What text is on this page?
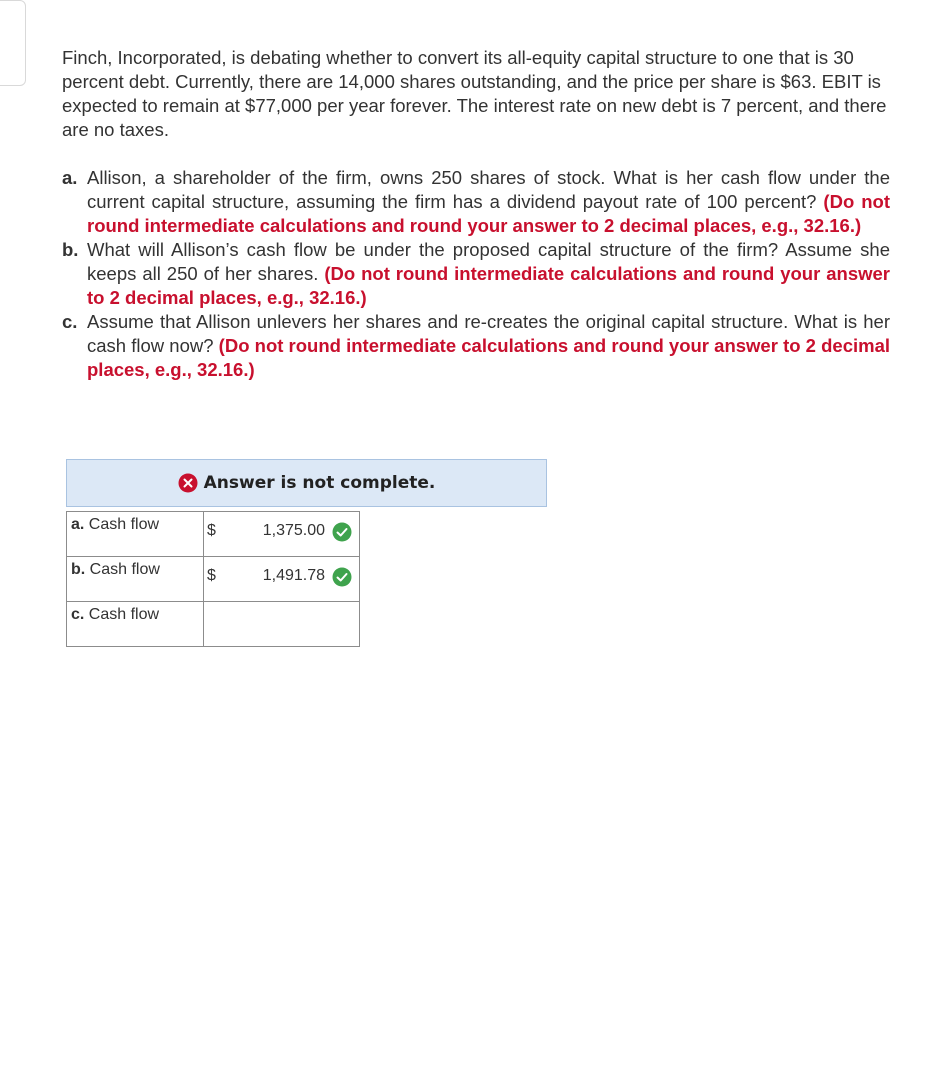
Finch, Incorporated, is debating whether to convert its all-equity capital structure to one that is 30 percent debt. Currently, there are 14,000 shares outstanding, and the price per share is $63. EBIT is expected to remain at $77,000 per year forever. The interest rate on new debt is 7 percent, and there are no taxes.

a. Allison, a shareholder of the firm, owns 250 shares of stock. What is her cash flow under the current capital structure, assuming the firm has a dividend payout rate of 100 percent? (Do not round intermediate calculations and round your answer to 2 decimal places, e.g., 32.16.)
b. What will Allison’s cash flow be under the proposed capital structure of the firm? Assume she keeps all 250 of her shares. (Do not round intermediate calculations and round your answer to 2 decimal places, e.g., 32.16.)
c. Assume that Allison unlevers her shares and re-creates the original capital structure. What is her cash flow now? (Do not round intermediate calculations and round your answer to 2 decimal places, e.g., 32.16.)
Answer is not complete.
a. Cash flow	$ 1,375.00

b. Cash flow	$ 1,491.78

c. Cash flow	
